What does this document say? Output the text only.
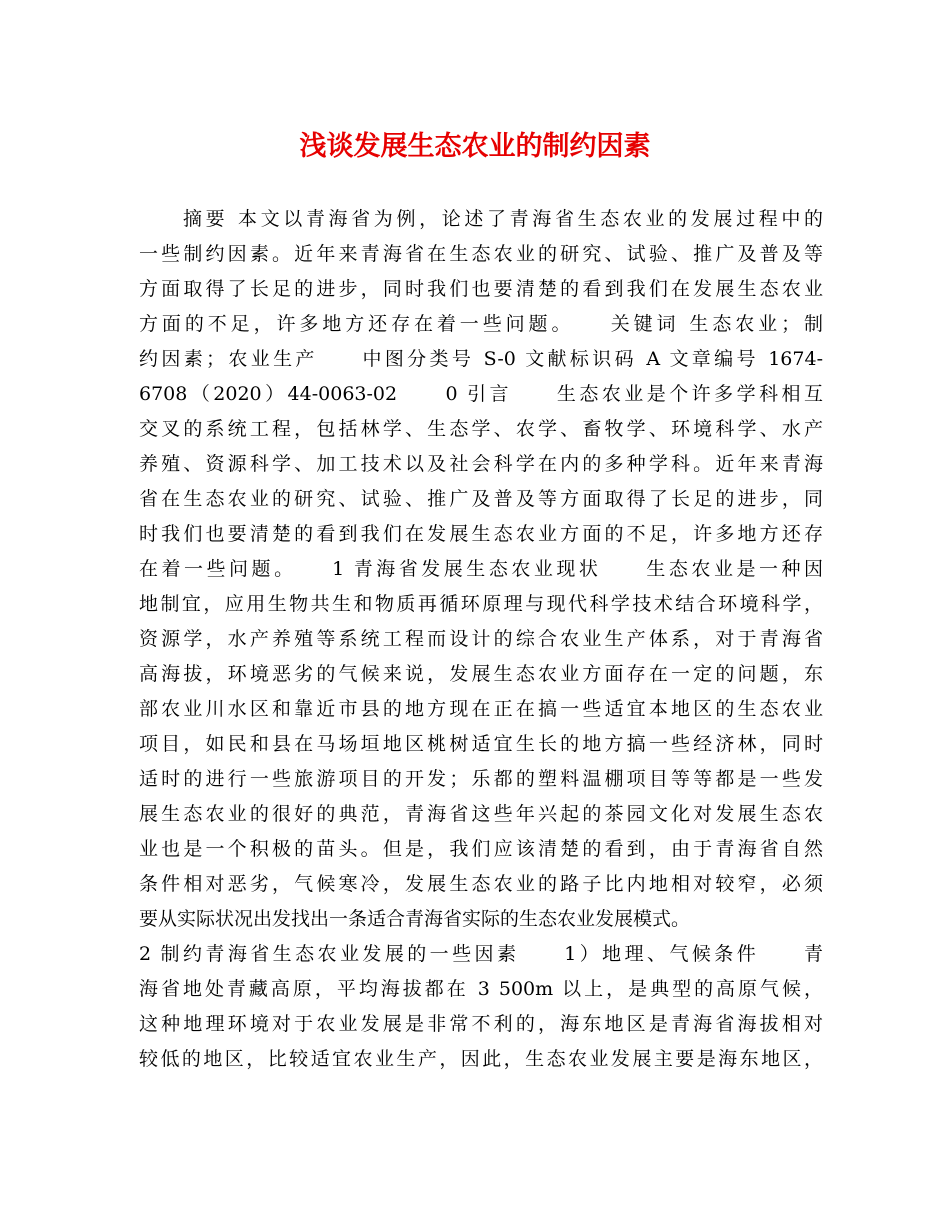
浅谈发展生态农业的制约因素
摘要 本文以青海省为例，论述了青海省生态农业的发展过程中的
一些制约因素。近年来青海省在生态农业的研究、试验、推广及普及等
方面取得了长足的进步，同时我们也要清楚的看到我们在发展生态农业
方面的不足，许多地方还存在着一些问题。　　关键词 生态农业；制
约因素；农业生产　　中图分类号 S-0 文献标识码 A 文章编号 1674-
6708（2020）44-0063-02　　0 引言　　生态农业是个许多学科相互
交叉的系统工程，包括林学、生态学、农学、畜牧学、环境科学、水产
养殖、资源科学、加工技术以及社会科学在内的多种学科。近年来青海
省在生态农业的研究、试验、推广及普及等方面取得了长足的进步，同
时我们也要清楚的看到我们在发展生态农业方面的不足，许多地方还存
在着一些问题。　　1 青海省发展生态农业现状　　生态农业是一种因
地制宜，应用生物共生和物质再循环原理与现代科学技术结合环境科学，
资源学，水产养殖等系统工程而设计的综合农业生产体系，对于青海省
高海拔，环境恶劣的气候来说，发展生态农业方面存在一定的问题，东
部农业川水区和靠近市县的地方现在正在搞一些适宜本地区的生态农业
项目，如民和县在马场垣地区桃树适宜生长的地方搞一些经济林，同时
适时的进行一些旅游项目的开发；乐都的塑料温棚项目等等都是一些发
展生态农业的很好的典范，青海省这些年兴起的茶园文化对发展生态农
业也是一个积极的苗头。但是，我们应该清楚的看到，由于青海省自然
条件相对恶劣，气候寒冷，发展生态农业的路子比内地相对较窄，必须
要从实际状况出发找出一条适合青海省实际的生态农业发展模式。
2 制约青海省生态农业发展的一些因素　　1）地理、气候条件　　青
海省地处青藏高原，平均海拔都在 3 500m 以上，是典型的高原气候，
这种地理环境对于农业发展是非常不利的，海东地区是青海省海拔相对
较低的地区，比较适宜农业生产，因此，生态农业发展主要是海东地区，
